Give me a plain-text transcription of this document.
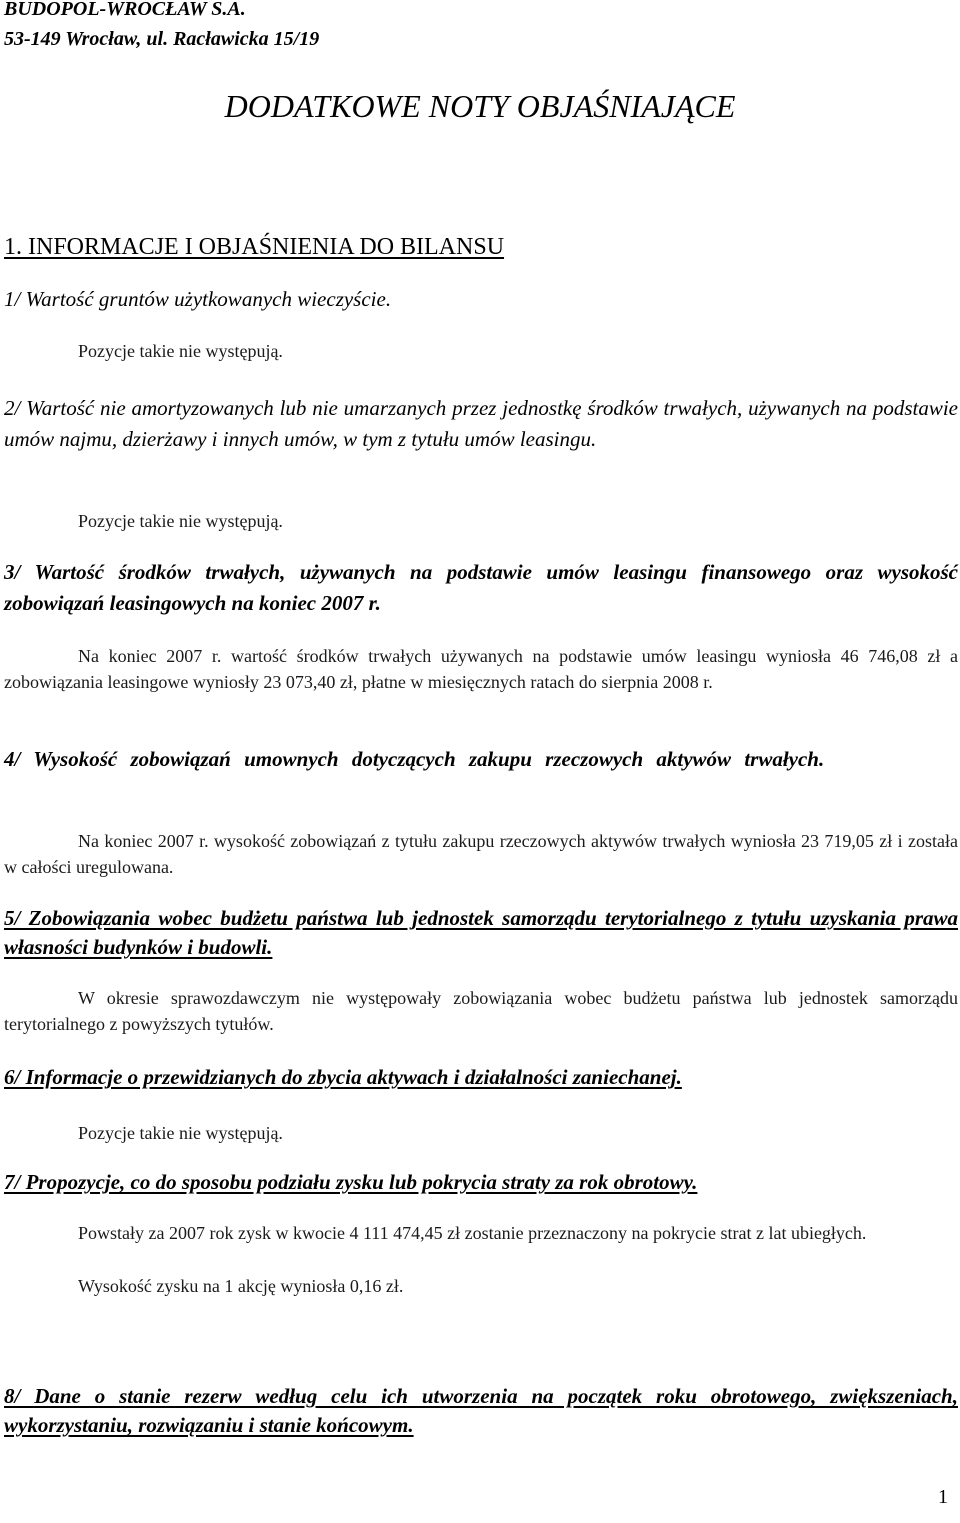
BUDOPOL-WROCŁAW S.A.
53-149 Wrocław, ul. Racławicka 15/19
DODATKOWE NOTY OBJAŚNIAJĄCE
1. INFORMACJE I OBJAŚNIENIA DO BILANSU
1/ Wartość gruntów użytkowanych wieczyście.
Pozycje takie nie występują.
2/ Wartość nie amortyzowanych lub nie umarzanych przez jednostkę środków trwałych, używanych na podstawie umów najmu, dzierżawy i innych umów, w tym z tytułu umów leasingu.
Pozycje takie nie występują.
3/ Wartość środków trwałych, używanych na podstawie umów leasingu finansowego oraz wysokość zobowiązań leasingowych na koniec 2007 r.
Na koniec 2007 r. wartość środków trwałych używanych na podstawie umów leasingu wyniosła 46 746,08 zł a zobowiązania leasingowe wyniosły 23 073,40 zł, płatne w miesięcznych ratach do sierpnia 2008 r.
4/ Wysokość zobowiązań umownych dotyczących zakupu rzeczowych aktywów trwałych.
Na koniec 2007 r. wysokość zobowiązań z tytułu zakupu rzeczowych aktywów trwałych wyniosła 23 719,05 zł i została w całości uregulowana.
5/ Zobowiązania wobec budżetu państwa lub jednostek samorządu terytorialnego z tytułu uzyskania prawa własności budynków i budowli.
W okresie sprawozdawczym nie występowały zobowiązania wobec budżetu państwa lub jednostek samorządu terytorialnego z powyższych tytułów.
6/ Informacje o przewidzianych do zbycia aktywach i działalności zaniechanej.
Pozycje takie nie występują.
7/ Propozycje, co do sposobu podziału zysku lub pokrycia straty za rok obrotowy.
Powstały za 2007 rok zysk w kwocie 4 111 474,45 zł zostanie przeznaczony na pokrycie strat z lat ubiegłych.
Wysokość zysku na 1 akcję wyniosła 0,16 zł.
8/ Dane o stanie rezerw według celu ich utworzenia na początek roku obrotowego, zwiększeniach, wykorzystaniu, rozwiązaniu i stanie końcowym.
1
